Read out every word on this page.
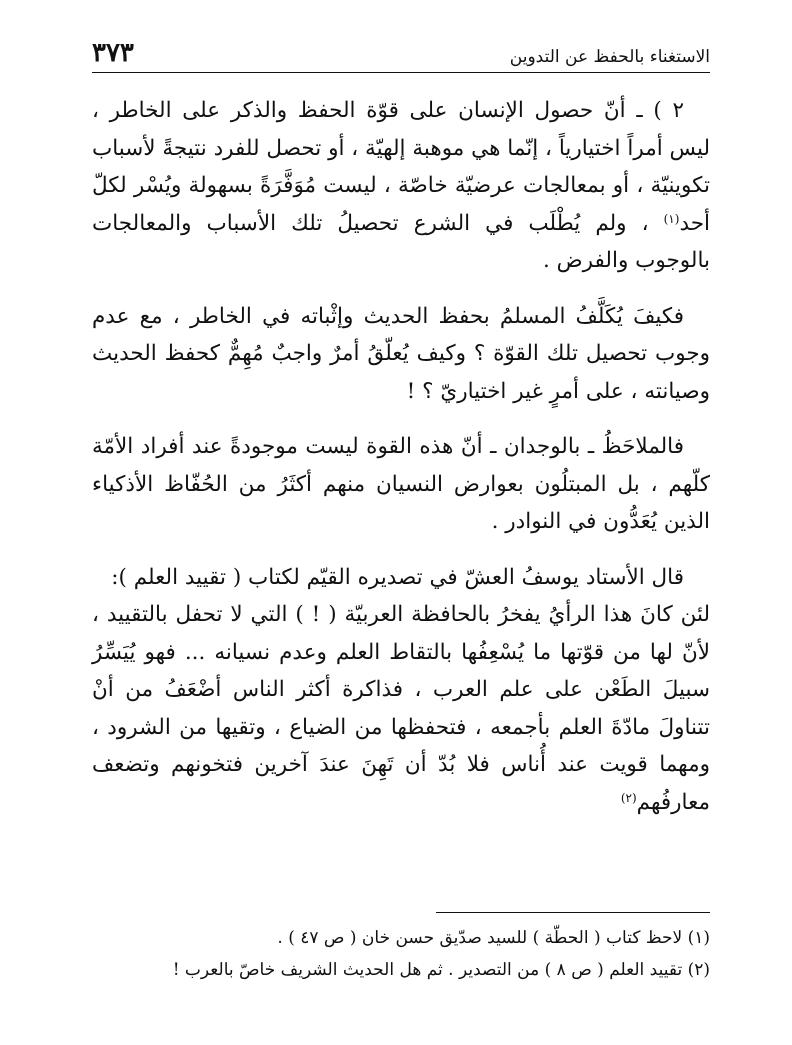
الاستغناء بالحفظ عن التدوين
٣٧٣

٢ ) ـ أنّ حصول الإنسان على قوّة الحفظ والذكر على الخاطر ، ليس أمراً اختيارياً ، إنّما هي موهبة إلهيّة ، أو تحصل للفرد نتيجةً لأسباب تكوينيّة ، أو بمعالجات عرضيّة خاصّة ، ليست مُوَفَّرَةً بسهولة ويُسْر لكلّ أحد$^{(١)}$ ، ولم يُطْلَب في الشرع تحصيلُ تلك الأسباب والمعالجات بالوجوب والفرض .

فكيفَ يُكَلَّفُ المسلمُ بحفظ الحديث وإثْباته في الخاطر ، مع عدم وجوب تحصيل تلك القوّة ؟ وكيف يُعلّقُ أمرٌ واجبٌ مُهِمٌّ كحفظ الحديث وصيانته ، على أمرٍ غير اختياريّ ؟ !

فالملاحَظُ ـ بالوجدان ـ أنّ هذه القوة ليست موجودةً عند أفراد الأمّة كلّهم ، بل المبتلُون بعوارض النسيان منهم أكثَرُ من الحُفّاظ الأذكياء الذين يُعَدُّون في النوادر .

قال الأستاد يوسفُ العشّ في تصديره القيّم لكتاب ( تقييد العلم ):

لئن كانَ هذا الرأيُ يفخرُ بالحافظة العربيّة ( ! ) التي لا تحفل بالتقييد ، لأنّ لها من قوّتها ما يُسْعِفُها بالتقاط العلم وعدم نسيانه ... فهو يُيَسِّرُ سبيلَ الطَعْن على علم العرب ، فذاكرة أكثر الناس أضْعَفُ من أنْ تتناولَ مادّةَ العلم بأجمعه ، فتحفظها من الضياع ، وتقيها من الشرود ، ومهما قويت عند أُناس فلا بُدّ أن تَهِنَ عندَ آخرين فتخونهم وتضعف معارفُهم$^{(٢)}$

(١) لاحظ كتاب ( الحطّة ) للسيد صدّيق حسن خان ( ص ٤٧ ) .
(٢) تقييد العلم ( ص ٨ ) من التصدير . ثم هل الحديث الشريف خاصّ بالعرب !
